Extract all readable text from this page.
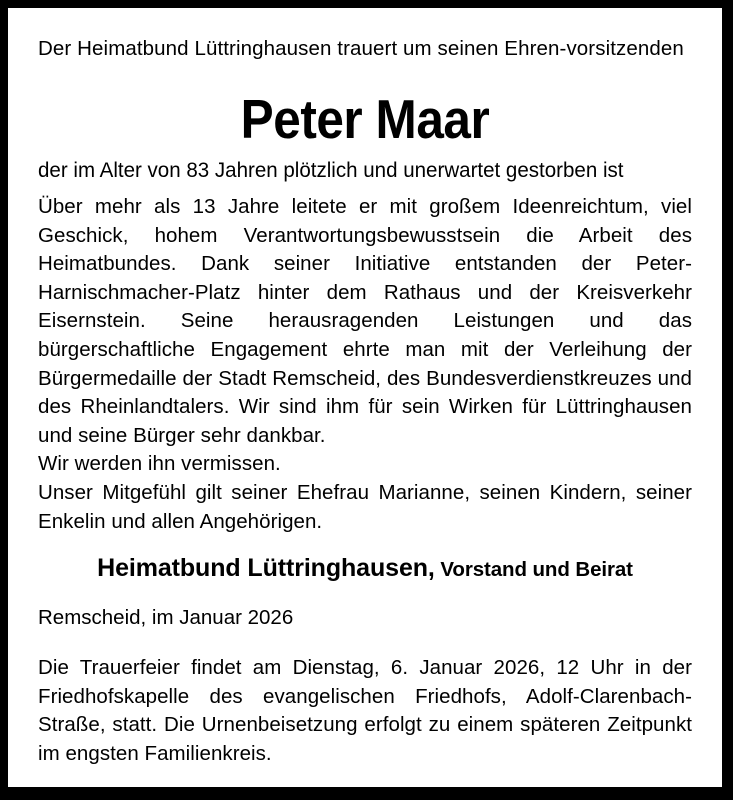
Der Heimatbund Lüttringhausen trauert um seinen Ehren-vorsitzenden

Peter Maar
der im Alter von 83 Jahren plötzlich und unerwartet gestorben ist

Über mehr als 13 Jahre leitete er mit großem Ideenreichtum, viel Geschick, hohem Verantwortungsbewusstsein die Arbeit des Heimatbundes. Dank seiner Initiative entstanden der Peter-Harnischmacher-Platz hinter dem Rathaus und der Kreisverkehr Eisernstein. Seine herausragenden Leistungen und das bürgerschaftliche Engagement ehrte man mit der Verleihung der Bürgermedaille der Stadt Remscheid, des Bundesverdienstkreuzes und des Rheinlandtalers. Wir sind ihm für sein Wirken für Lüttringhausen und seine Bürger sehr dankbar.

Wir werden ihn vermissen.

Unser Mitgefühl gilt seiner Ehefrau Marianne, seinen Kindern, seiner Enkelin und allen Angehörigen.

Heimatbund Lüttringhausen, Vorstand und Beirat

Remscheid, im Januar 2026

Die Trauerfeier findet am Dienstag, 6. Januar 2026, 12 Uhr in der Friedhofskapelle des evangelischen Friedhofs, Adolf-Clarenbach-Straße, statt. Die Urnenbeisetzung erfolgt zu einem späteren Zeitpunkt im engsten Familienkreis.
